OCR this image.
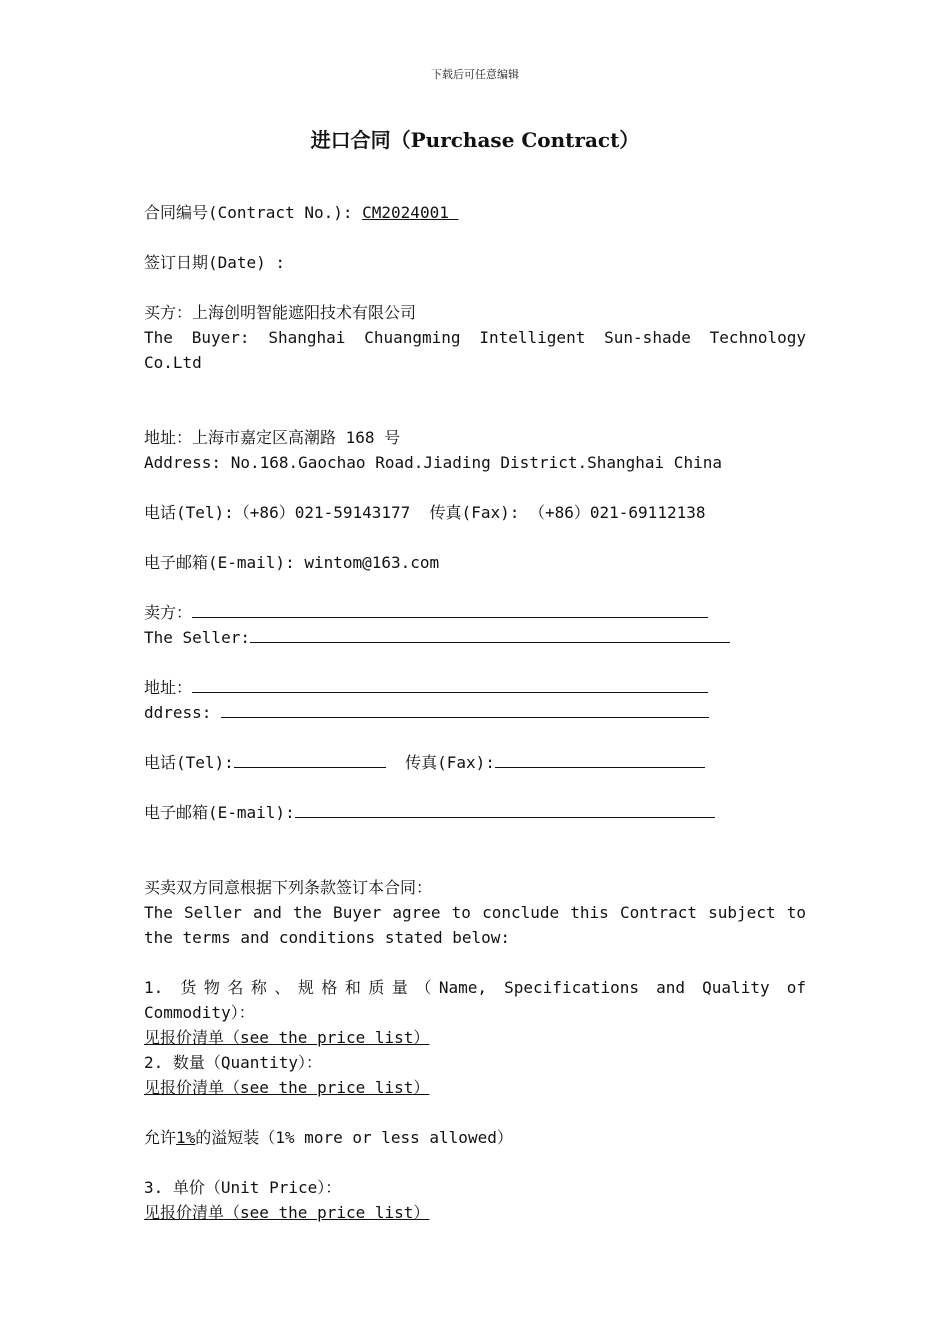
下载后可任意编辑
进口合同（Purchase Contract）
合同编号(Contract No.): CM2024001
签订日期(Date) :
买方：上海创明智能遮阳技术有限公司
The Buyer: Shanghai Chuangming Intelligent Sun-shade Technology
Co.Ltd
地址：上海市嘉定区高潮路 168 号
Address: No.168.Gaochao Road.Jiading District.Shanghai China
电话(Tel):（+86）021-59143177  传真(Fax): （+86）021-69112138
电子邮箱(E-mail): wintom@163.com
卖方：
The Seller:
地址：
ddress:
电话(Tel):	传真(Fax):
电子邮箱(E-mail):
买卖双方同意根据下列条款签订本合同：
The Seller and the Buyer agree to conclude this Contract subject to
the terms and conditions stated below:
1. 货物名称、规格和质量（Name, Specifications and Quality of
Commodity）：
见报价清单（see the price list）
2. 数量（Quantity）：
见报价清单（see the price list）
允许1%的溢短装（1% more or less allowed）
3. 单价（Unit Price）：
见报价清单（see the price list）
